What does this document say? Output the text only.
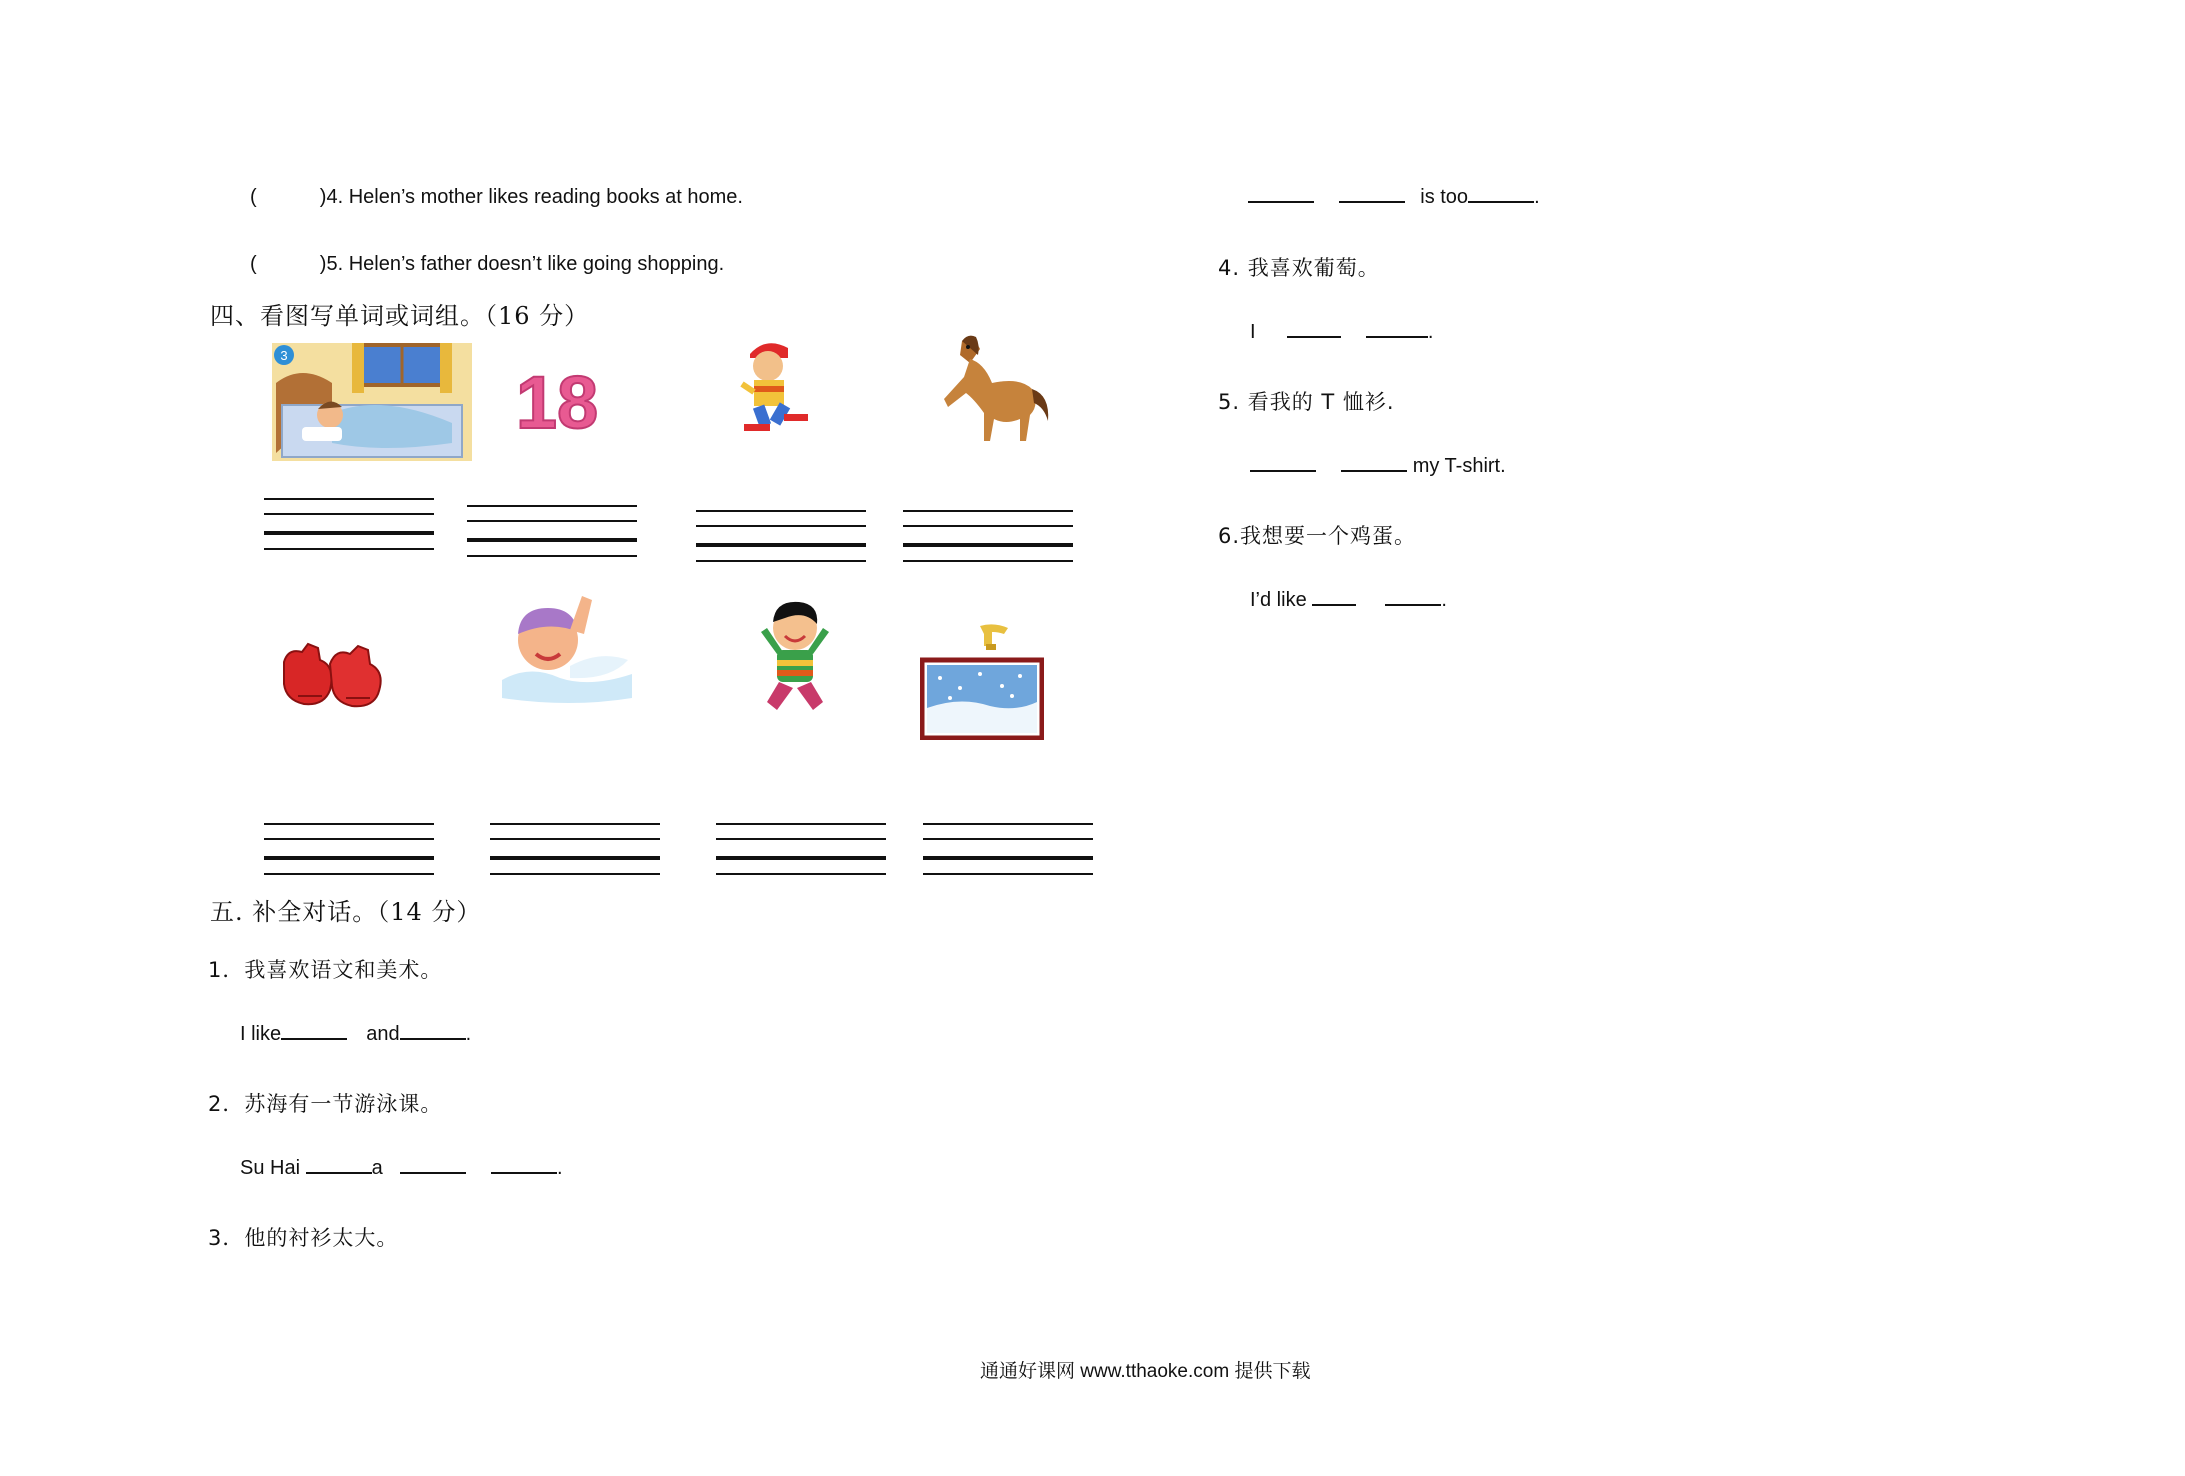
(	)4. Helen’s mother likes reading books at home.
(	)5. Helen’s father doesn’t like going shopping.
四、看图写单词或词组。（16 分）
3
18
五. 补全对话。（14 分）
1．我喜欢语文和美术。
I like	and	.
2．苏海有一节游泳课。
Su Hai	a	.
3．他的衬衫太大。
is too	.
4. 我喜欢葡萄。
I	.
5. 看我的 T 恤衫.
my T-shirt.
6.我想要一个鸡蛋。
I’d like	.
通通好课网 www.tthaoke.com 提供下载
